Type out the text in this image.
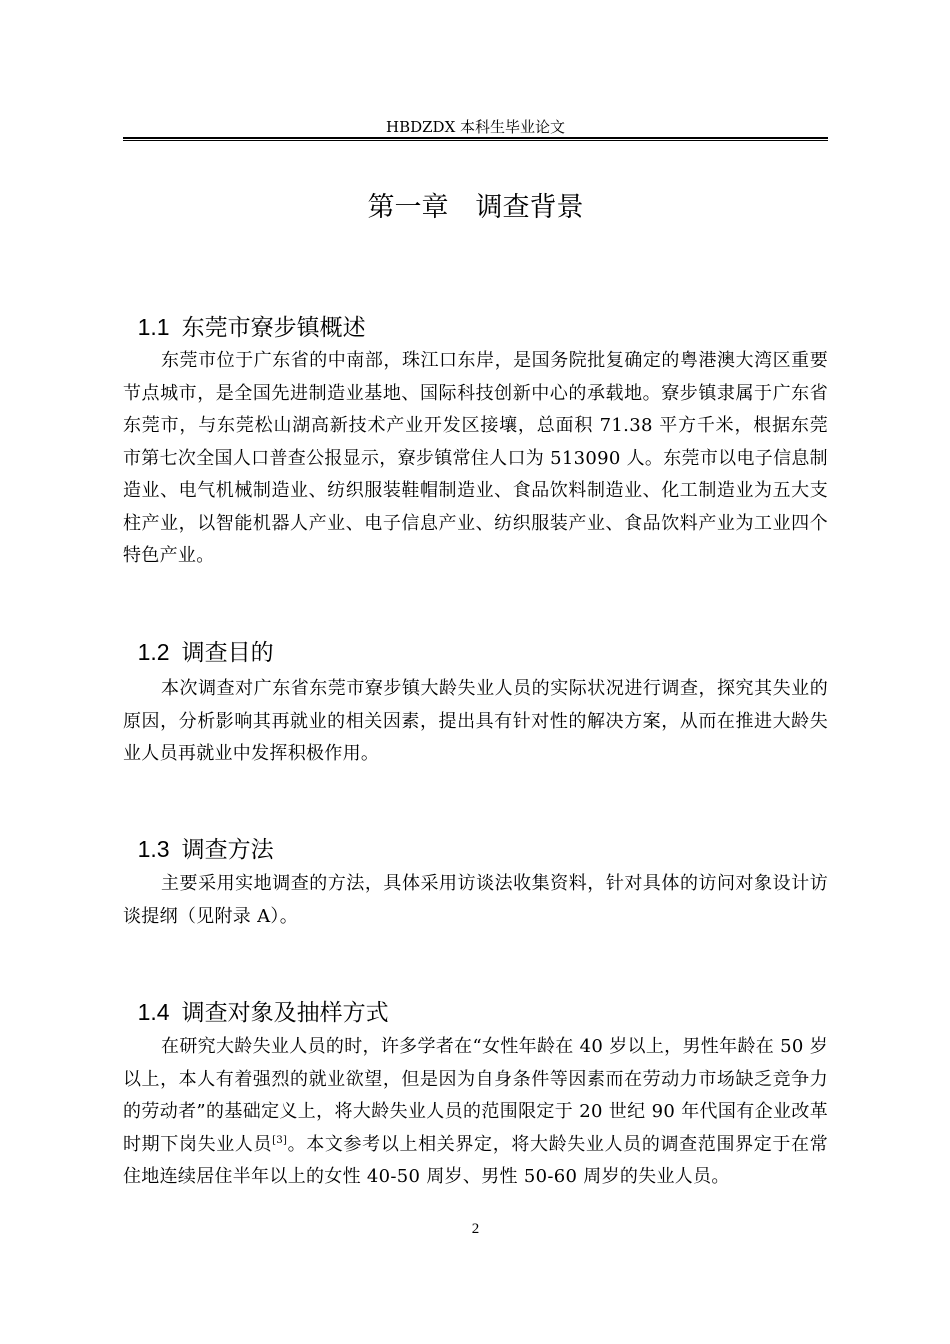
HBDZDX 本科生毕业论文
第一章　调查背景

1.1 东莞市寮步镇概述

东莞市位于广东省的中南部，珠江口东岸，是国务院批复确定的粤港澳大湾区重要节点城市，是全国先进制造业基地、国际科技创新中心的承载地。寮步镇隶属于广东省东莞市，与东莞松山湖高新技术产业开发区接壤，总面积 71.38 平方千米，根据东莞市第七次全国人口普查公报显示，寮步镇常住人口为 513090 人。东莞市以电子信息制造业、电气机械制造业、纺织服装鞋帽制造业、食品饮料制造业、化工制造业为五大支柱产业，以智能机器人产业、电子信息产业、纺织服装产业、食品饮料产业为工业四个特色产业。

1.2 调查目的

本次调查对广东省东莞市寮步镇大龄失业人员的实际状况进行调查，探究其失业的原因，分析影响其再就业的相关因素，提出具有针对性的解决方案，从而在推进大龄失业人员再就业中发挥积极作用。

1.3 调查方法

主要采用实地调查的方法，具体采用访谈法收集资料，针对具体的访问对象设计访谈提纲（见附录 A）。

1.4 调查对象及抽样方式

在研究大龄失业人员的时，许多学者在“女性年龄在 40 岁以上，男性年龄在 50 岁以上，本人有着强烈的就业欲望，但是因为自身条件等因素而在劳动力市场缺乏竞争力的劳动者”的基础定义上，将大龄失业人员的范围限定于 20 世纪 90 年代国有企业改革时期下岗失业人员[3]。本文参考以上相关界定，将大龄失业人员的调查范围界定于在常住地连续居住半年以上的女性 40-50 周岁、男性 50-60 周岁的失业人员。

2
